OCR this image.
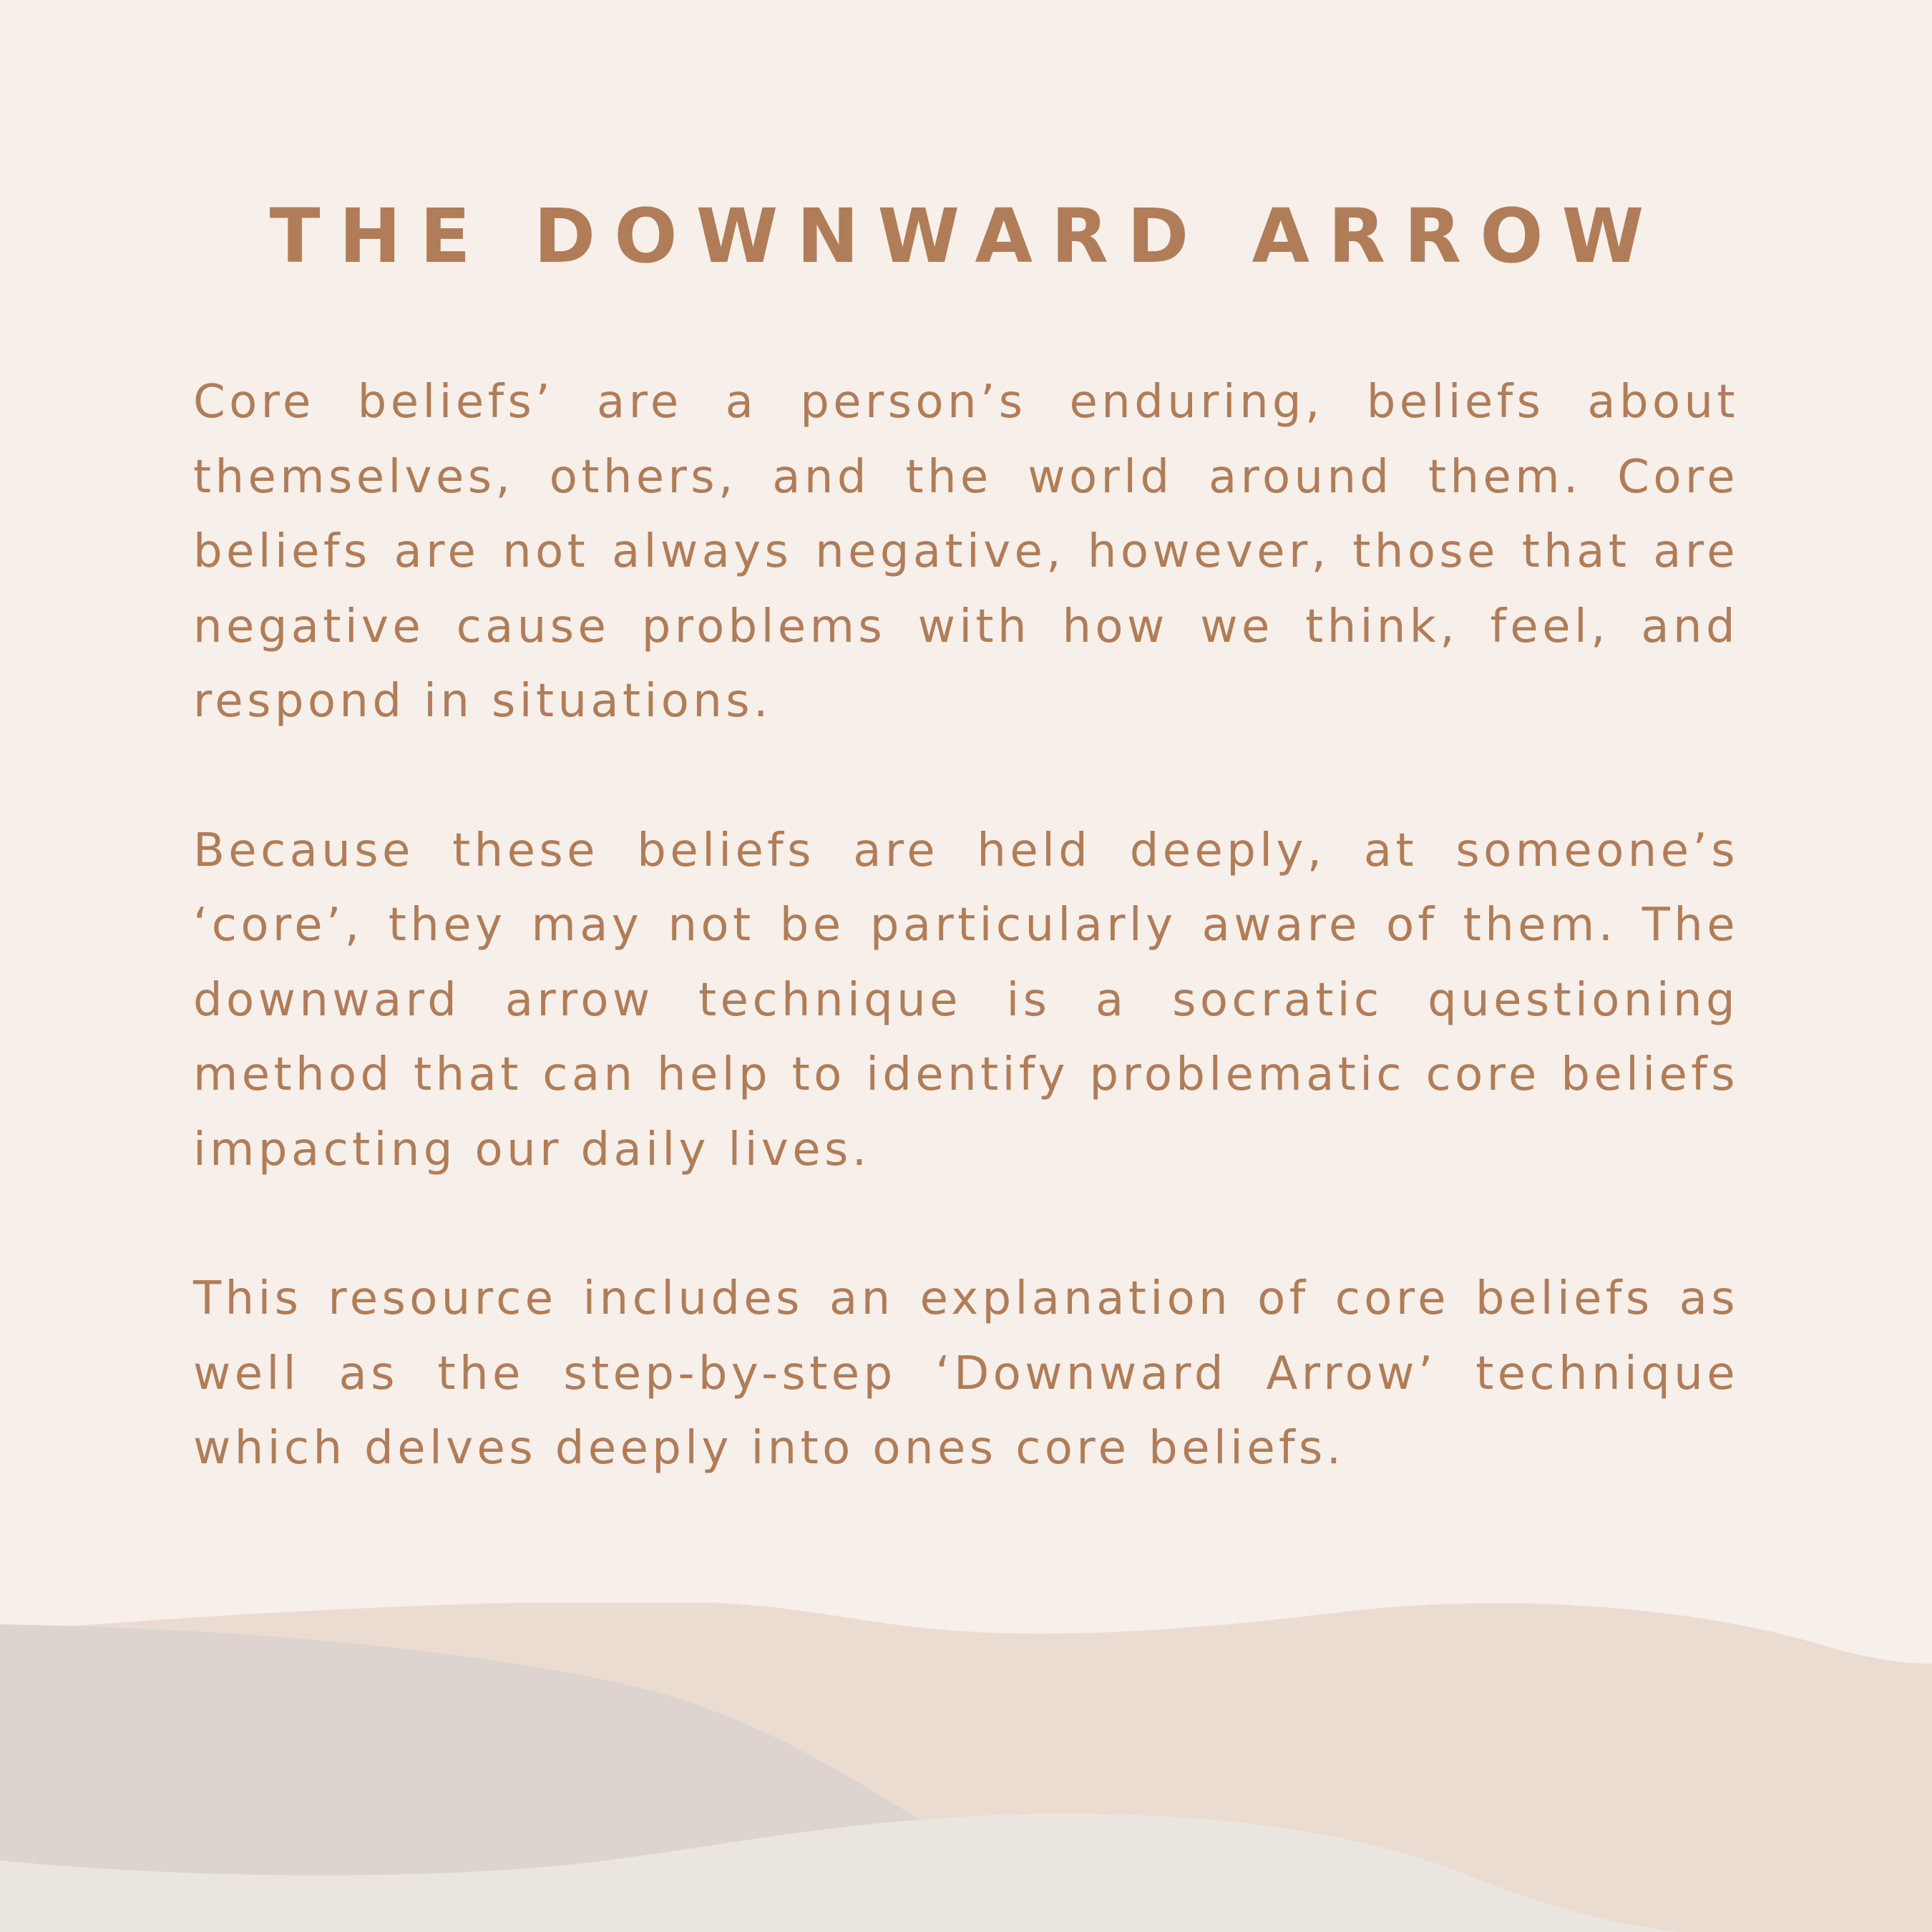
THE DOWNWARD ARROW

Core beliefs’ are a person’s enduring, beliefs about themselves, others, and the world around them. Core beliefs are not always negative, however, those that are negative cause problems with how we think, feel, and respond in situations.

Because these beliefs are held deeply, at someone’s ‘core’, they may not be particularly aware of them. The downward arrow technique is a socratic questioning method that can help to identify problematic core beliefs impacting our daily lives.

This resource includes an explanation of core beliefs as well as the step-by-step ‘Downward Arrow’ technique which delves deeply into ones core beliefs.
